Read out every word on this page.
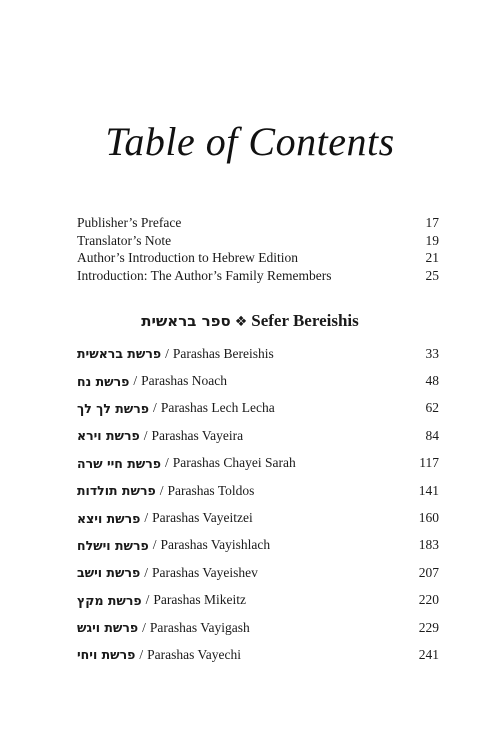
Table of Contents
Publisher’s Preface	17
Translator’s Note	19
Author’s Introduction to Hebrew Edition	21
Introduction: The Author’s Family Remembers	25
ספר בראשית ❖ Sefer Bereishis
פרשת בראשית / Parashas Bereishis	33
פרשת נח / Parashas Noach	48
פרשת לך לך / Parashas Lech Lecha	62
פרשת וירא / Parashas Vayeira	84
פרשת חיי שרה / Parashas Chayei Sarah	117
פרשת תולדות / Parashas Toldos	141
פרשת ויצא / Parashas Vayeitzei	160
פרשת וישלח / Parashas Vayishlach	183
פרשת וישב / Parashas Vayeishev	207
פרשת מקץ / Parashas Mikeitz	220
פרשת ויגש / Parashas Vayigash	229
פרשת ויחי / Parashas Vayechi	241
